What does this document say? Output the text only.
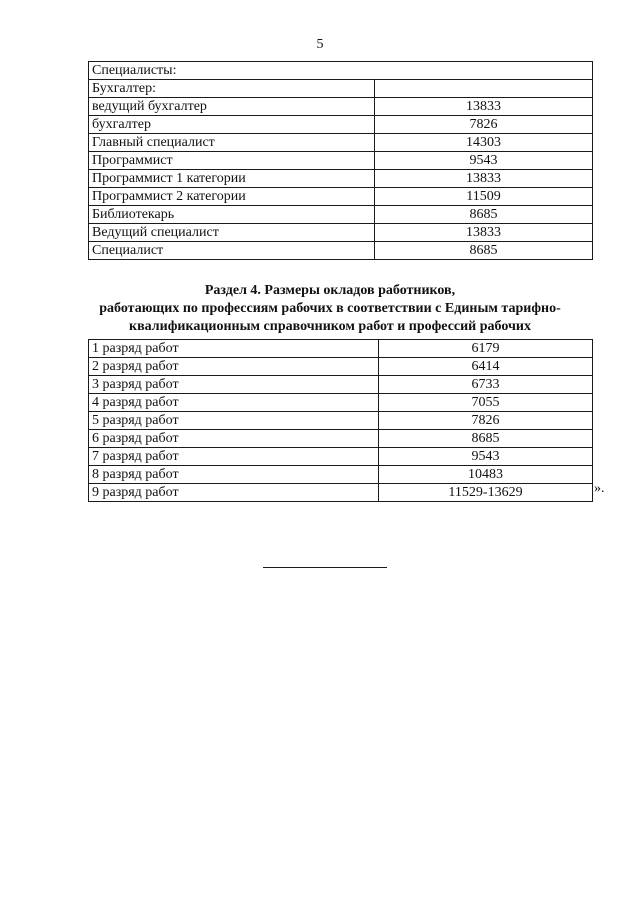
5
Специалисты:	
Бухгалтер:	
ведущий бухгалтер	13833
бухгалтер	7826
Главный специалист	14303
Программист	9543
Программист 1 категории	13833
Программист 2 категории	11509
Библиотекарь	8685
Ведущий специалист	13833
Специалист	8685
Раздел 4. Размеры окладов работников,
работающих по профессиям рабочих в соответствии с Единым тарифно-
квалификационным справочником работ и профессий рабочих
1 разряд работ	6179
2 разряд работ	6414
3 разряд работ	6733
4 разряд работ	7055
5 разряд работ	7826
6 разряд работ	8685
7 разряд работ	9543
8 разряд работ	10483
9 разряд работ	11529-13629	».
